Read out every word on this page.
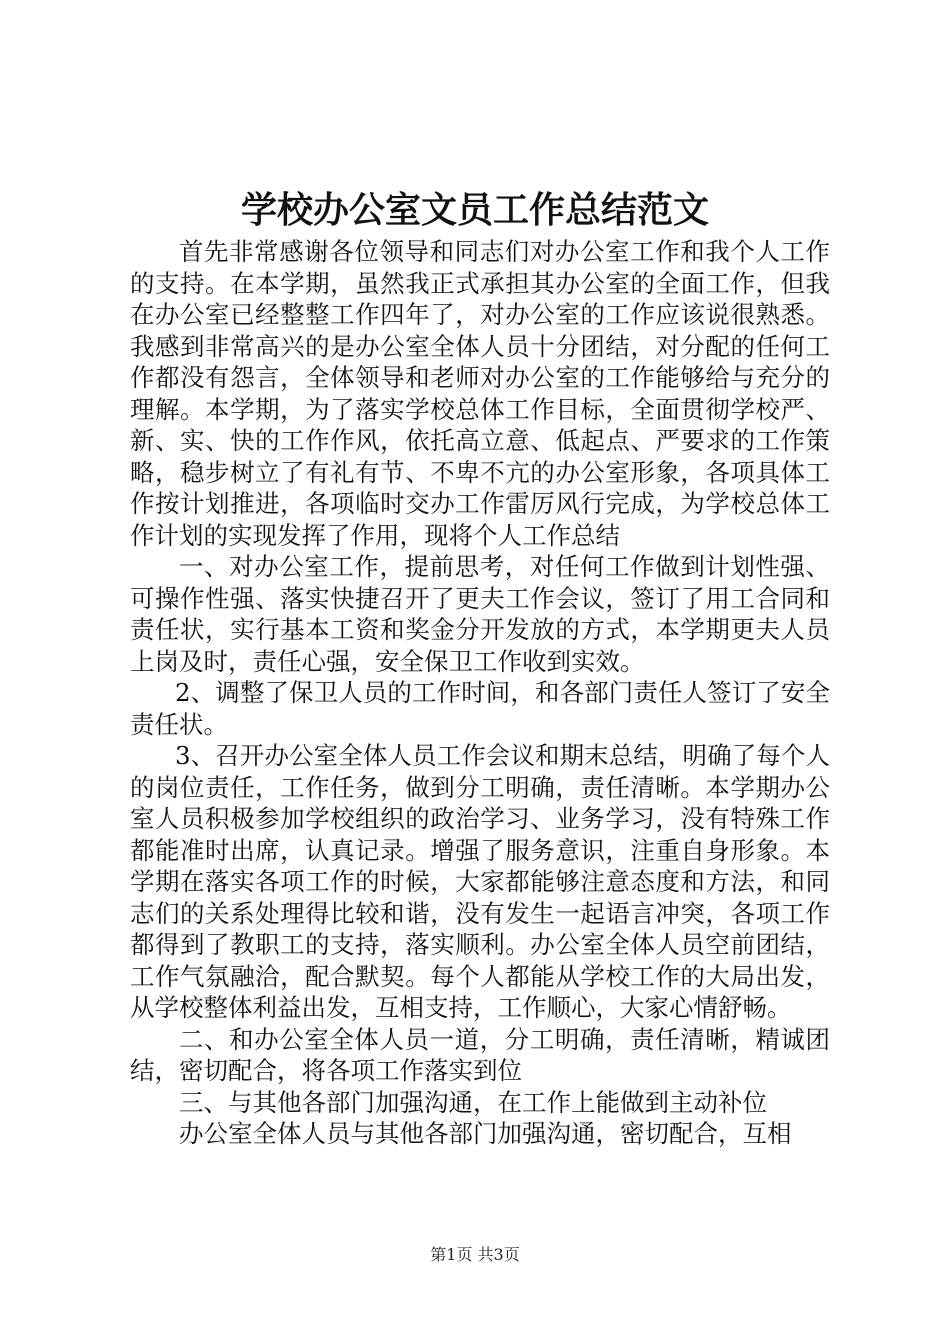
学校办公室文员工作总结范文

首先非常感谢各位领导和同志们对办公室工作和我个人工作的支持。在本学期，虽然我正式承担其办公室的全面工作，但我在办公室已经整整工作四年了，对办公室的工作应该说很熟悉。我感到非常高兴的是办公室全体人员十分团结，对分配的任何工作都没有怨言，全体领导和老师对办公室的工作能够给与充分的理解。本学期，为了落实学校总体工作目标，全面贯彻学校严、新、实、快的工作作风，依托高立意、低起点、严要求的工作策略，稳步树立了有礼有节、不卑不亢的办公室形象，各项具体工作按计划推进，各项临时交办工作雷厉风行完成，为学校总体工作计划的实现发挥了作用，现将个人工作总结

一、对办公室工作，提前思考，对任何工作做到计划性强、可操作性强、落实快捷召开了更夫工作会议，签订了用工合同和责任状，实行基本工资和奖金分开发放的方式，本学期更夫人员上岗及时，责任心强，安全保卫工作收到实效。

2、调整了保卫人员的工作时间，和各部门责任人签订了安全责任状。

3、召开办公室全体人员工作会议和期末总结，明确了每个人的岗位责任，工作任务，做到分工明确，责任清晰。本学期办公室人员积极参加学校组织的政治学习、业务学习，没有特殊工作都能准时出席，认真记录。增强了服务意识，注重自身形象。本学期在落实各项工作的时候，大家都能够注意态度和方法，和同志们的关系处理得比较和谐，没有发生一起语言冲突，各项工作都得到了教职工的支持，落实顺利。办公室全体人员空前团结，工作气氛融洽，配合默契。每个人都能从学校工作的大局出发，从学校整体利益出发，互相支持，工作顺心，大家心情舒畅。

二、和办公室全体人员一道，分工明确，责任清晰，精诚团结，密切配合，将各项工作落实到位

三、与其他各部门加强沟通，在工作上能做到主动补位

办公室全体人员与其他各部门加强沟通，密切配合，互相

第1页 共3页
